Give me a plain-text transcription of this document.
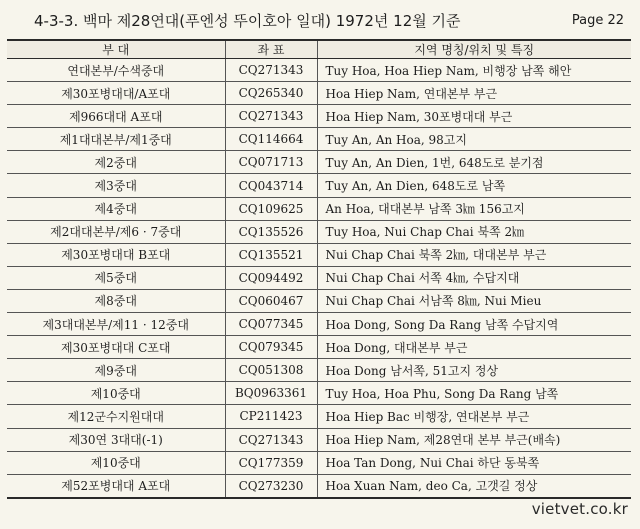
4-3-3. 백마 제28연대(푸엔성 뚜이호아 일대) 1972년 12월 기준	Page 22
부 대	좌 표	지역 명칭/위치 및 특징
연대본부/수색중대	CQ271343	Tuy Hoa, Hoa Hiep Nam, 비행장 남쪽 해안
제30포병대대/A포대	CQ265340	Hoa Hiep Nam, 연대본부 부근
제966대대 A포대	CQ271343	Hoa Hiep Nam, 30포병대대 부근
제1대대본부/제1중대	CQ114664	Tuy An, An Hoa, 98고지
제2중대	CQ071713	Tuy An, An Dien, 1번, 648도로 분기점
제3중대	CQ043714	Tuy An, An Dien, 648도로 남쪽
제4중대	CQ109625	An Hoa, 대대본부 남쪽 3㎞ 156고지
제2대대본부/제6 · 7중대	CQ135526	Tuy Hoa, Nui Chap Chai 북쪽 2㎞
제30포병대대 B포대	CQ135521	Nui Chap Chai 북쪽 2㎞, 대대본부 부근
제5중대	CQ094492	Nui Chap Chai 서쪽 4㎞, 수답지대
제8중대	CQ060467	Nui Chap Chai 서남쪽 8㎞, Nui Mieu
제3대대본부/제11 · 12중대	CQ077345	Hoa Dong, Song Da Rang 남쪽 수답지역
제30포병대대 C포대	CQ079345	Hoa Dong, 대대본부 부근
제9중대	CQ051308	Hoa Dong 남서쪽, 51고지 정상
제10중대	BQ0963361	Tuy Hoa, Hoa Phu, Song Da Rang 남쪽
제12군수지원대대	CP211423	Hoa Hiep Bac 비행장, 연대본부 부근
제30연 3대대(-1)	CQ271343	Hoa Hiep Nam, 제28연대 본부 부근(배속)
제10중대	CQ177359	Hoa Tan Dong, Nui Chai 하단 동북쪽
제52포병대대 A포대	CQ273230	Hoa Xuan Nam, deo Ca, 고갯길 정상
vietvet.co.kr
